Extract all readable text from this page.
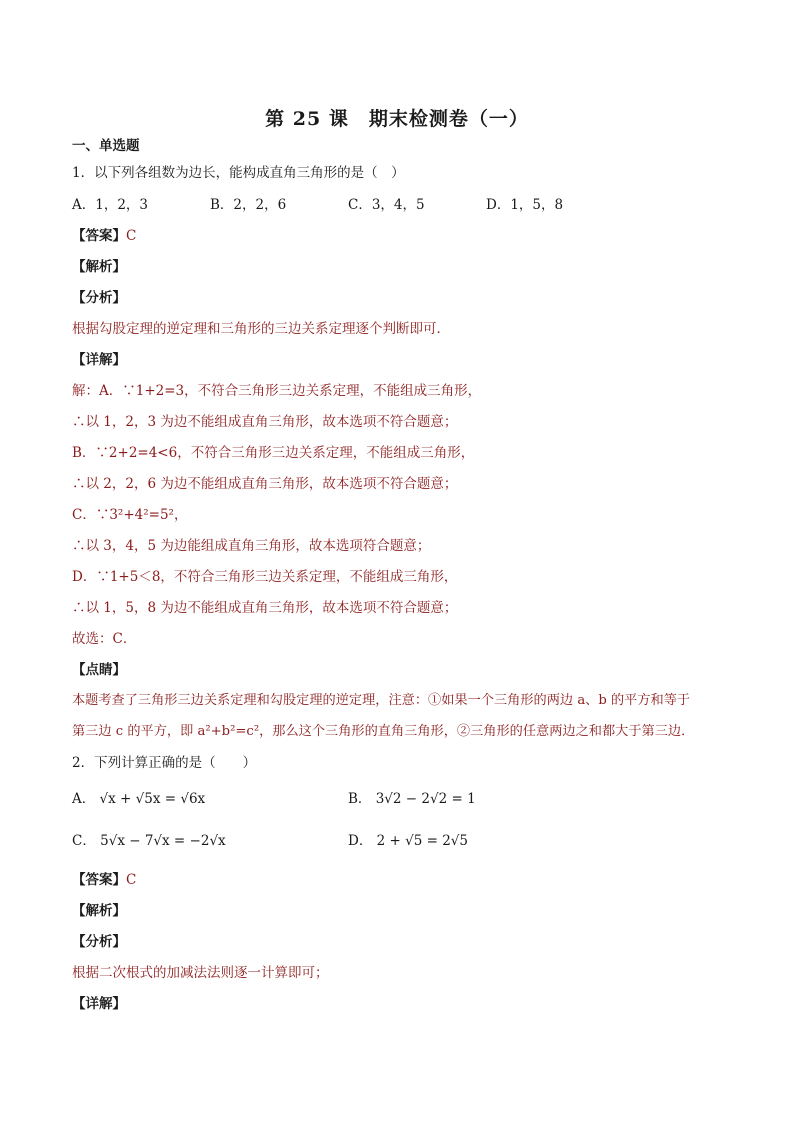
第 25 课　期末检测卷（一）
一、单选题
1．以下列各组数为边长，能构成直角三角形的是（　）
A．1，2，3	B．2，2，6	C．3，4，5	D．1，5，8
【答案】C
【解析】
【分析】
根据勾股定理的逆定理和三角形的三边关系定理逐个判断即可．
【详解】
解：A．∵1+2=3，不符合三角形三边关系定理，不能组成三角形，
∴以 1，2，3 为边不能组成直角三角形，故本选项不符合题意；
B．∵2+2=4<6，不符合三角形三边关系定理，不能组成三角形，
∴以 2，2，6 为边不能组成直角三角形，故本选项不符合题意；
C．∵3²+4²=5²，
∴以 3，4，5 为边能组成直角三角形，故本选项符合题意；
D．∵1+5＜8，不符合三角形三边关系定理，不能组成三角形，
∴以 1，5，8 为边不能组成直角三角形，故本选项不符合题意；
故选：C．
【点睛】
本题考查了三角形三边关系定理和勾股定理的逆定理，注意：①如果一个三角形的两边 a、b 的平方和等于
第三边 c 的平方，即 a²+b²=c²，那么这个三角形的直角三角形，②三角形的任意两边之和都大于第三边．
2．下列计算正确的是（　　）
A． √x + √5x = √6x	B． 3√2 − 2√2 = 1
C． 5√x − 7√x = −2√x	D． 2 + √5 = 2√5
【答案】C
【解析】
【分析】
根据二次根式的加减法法则逐一计算即可；
【详解】
